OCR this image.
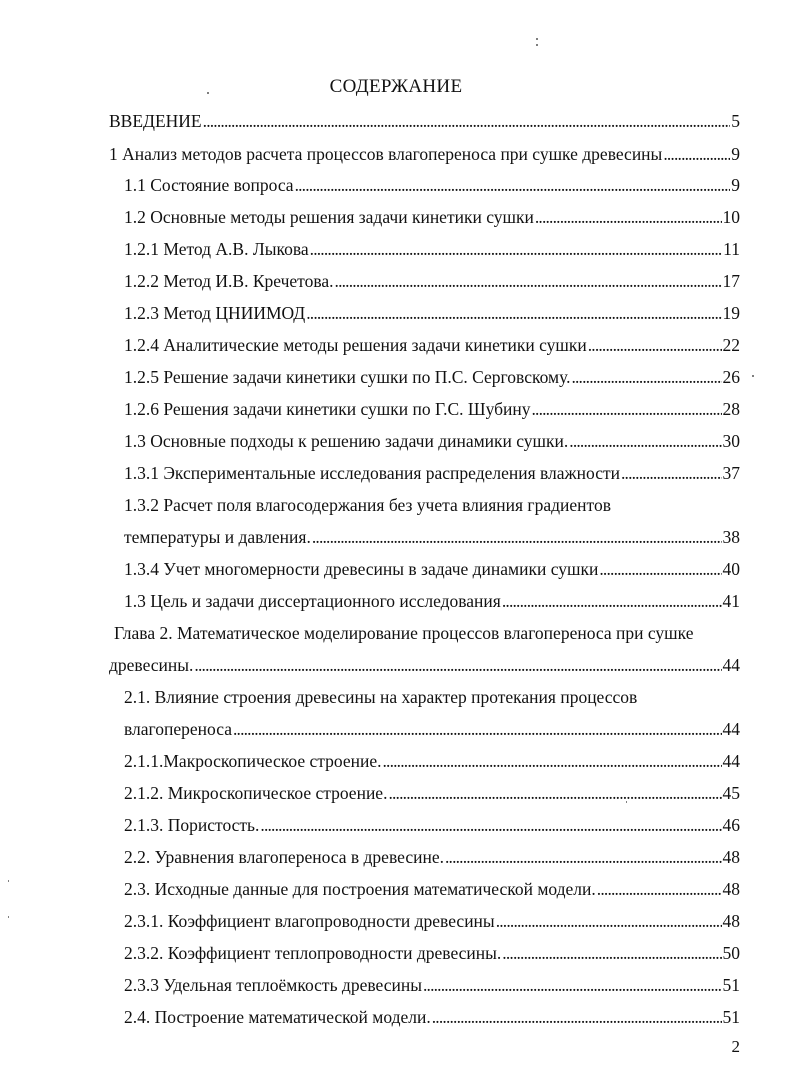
СОДЕРЖАНИЕ
ВВЕДЕНИЕ . . .	5
1 Анализ методов расчета процессов влагопереноса при сушке древесины . . .	9
1.1 Состояние вопроса . . .	9
1.2 Основные методы решения задачи кинетики сушки . . .	10
1.2.1 Метод А.В. Лыкова . . .	11
1.2.2 Метод И.В. Кречетова. . . .	17
1.2.3 Метод ЦНИИМОД . . .	19
1.2.4 Аналитические методы решения задачи кинетики сушки . . .	22
1.2.5 Решение задачи кинетики сушки по П.С. Серговскому. . . .	26
1.2.6 Решения задачи кинетики сушки по Г.С. Шубину . . .	28
1.3 Основные подходы к решению задачи динамики сушки. . . .	30
1.3.1 Экспериментальные исследования распределения влажности . . .	37
1.3.2 Расчет поля влагосодержания без учета влияния градиентов
температуры и давления. . . .	38
1.3.4 Учет многомерности древесины в задаче динамики сушки . . .	40
1.3 Цель и задачи диссертационного исследования . . .	41
Глава 2. Математическое моделирование процессов влагопереноса при сушке
древесины. . . .	44
2.1. Влияние строения древесины на характер протекания процессов
влагопереноса . . .	44
2.1.1.Макроскопическое строение. . . .	44
2.1.2. Микроскопическое строение. . . .	45
2.1.3. Пористость. . . .	46
2.2. Уравнения влагопереноса в древесине. . . .	48
2.3. Исходные данные для построения математической модели. . . .	48
2.3.1. Коэффициент влагопроводности древесины . . .	48
2.3.2. Коэффициент теплопроводности древесины. . . .	50
2.3.3 Удельная теплоёмкость древесины . . .	51
2.4. Построение математической модели. . . .	51
2
